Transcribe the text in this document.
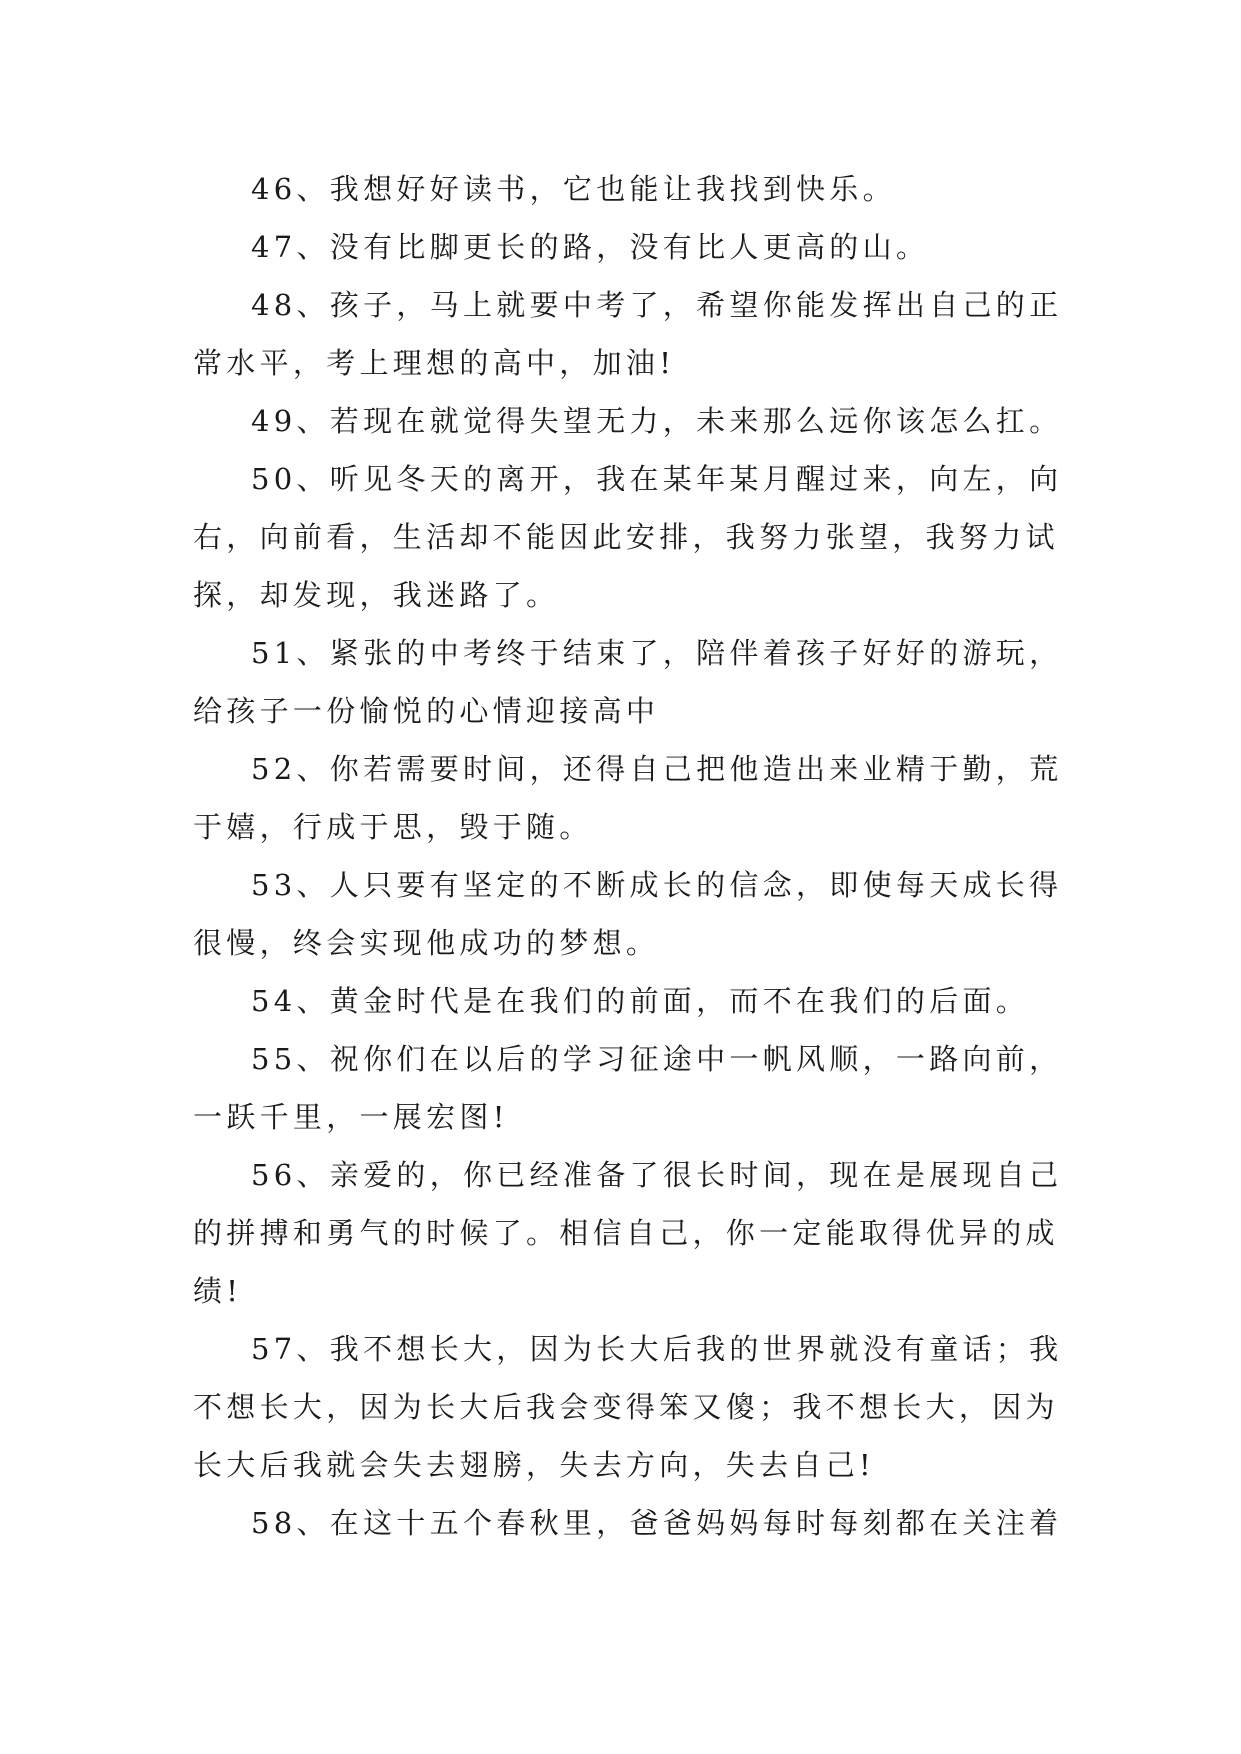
46、我想好好读书，它也能让我找到快乐。

47、没有比脚更长的路，没有比人更高的山。

48、孩子，马上就要中考了，希望你能发挥出自己的正常水平，考上理想的高中，加油!

49、若现在就觉得失望无力，未来那么远你该怎么扛。

50、听见冬天的离开，我在某年某月醒过来，向左，向右，向前看，生活却不能因此安排，我努力张望，我努力试探，却发现，我迷路了。

51、紧张的中考终于结束了，陪伴着孩子好好的游玩，给孩子一份愉悦的心情迎接高中

52、你若需要时间，还得自己把他造出来业精于勤，荒于嬉，行成于思，毁于随。

53、人只要有坚定的不断成长的信念，即使每天成长得很慢，终会实现他成功的梦想。

54、黄金时代是在我们的前面，而不在我们的后面。

55、祝你们在以后的学习征途中一帆风顺，一路向前，一跃千里，一展宏图!

56、亲爱的，你已经准备了很长时间，现在是展现自己的拼搏和勇气的时候了。相信自己，你一定能取得优异的成绩!

57、我不想长大，因为长大后我的世界就没有童话；我不想长大，因为长大后我会变得笨又傻；我不想长大，因为长大后我就会失去翅膀，失去方向，失去自己!

58、在这十五个春秋里，爸爸妈妈每时每刻都在关注着
